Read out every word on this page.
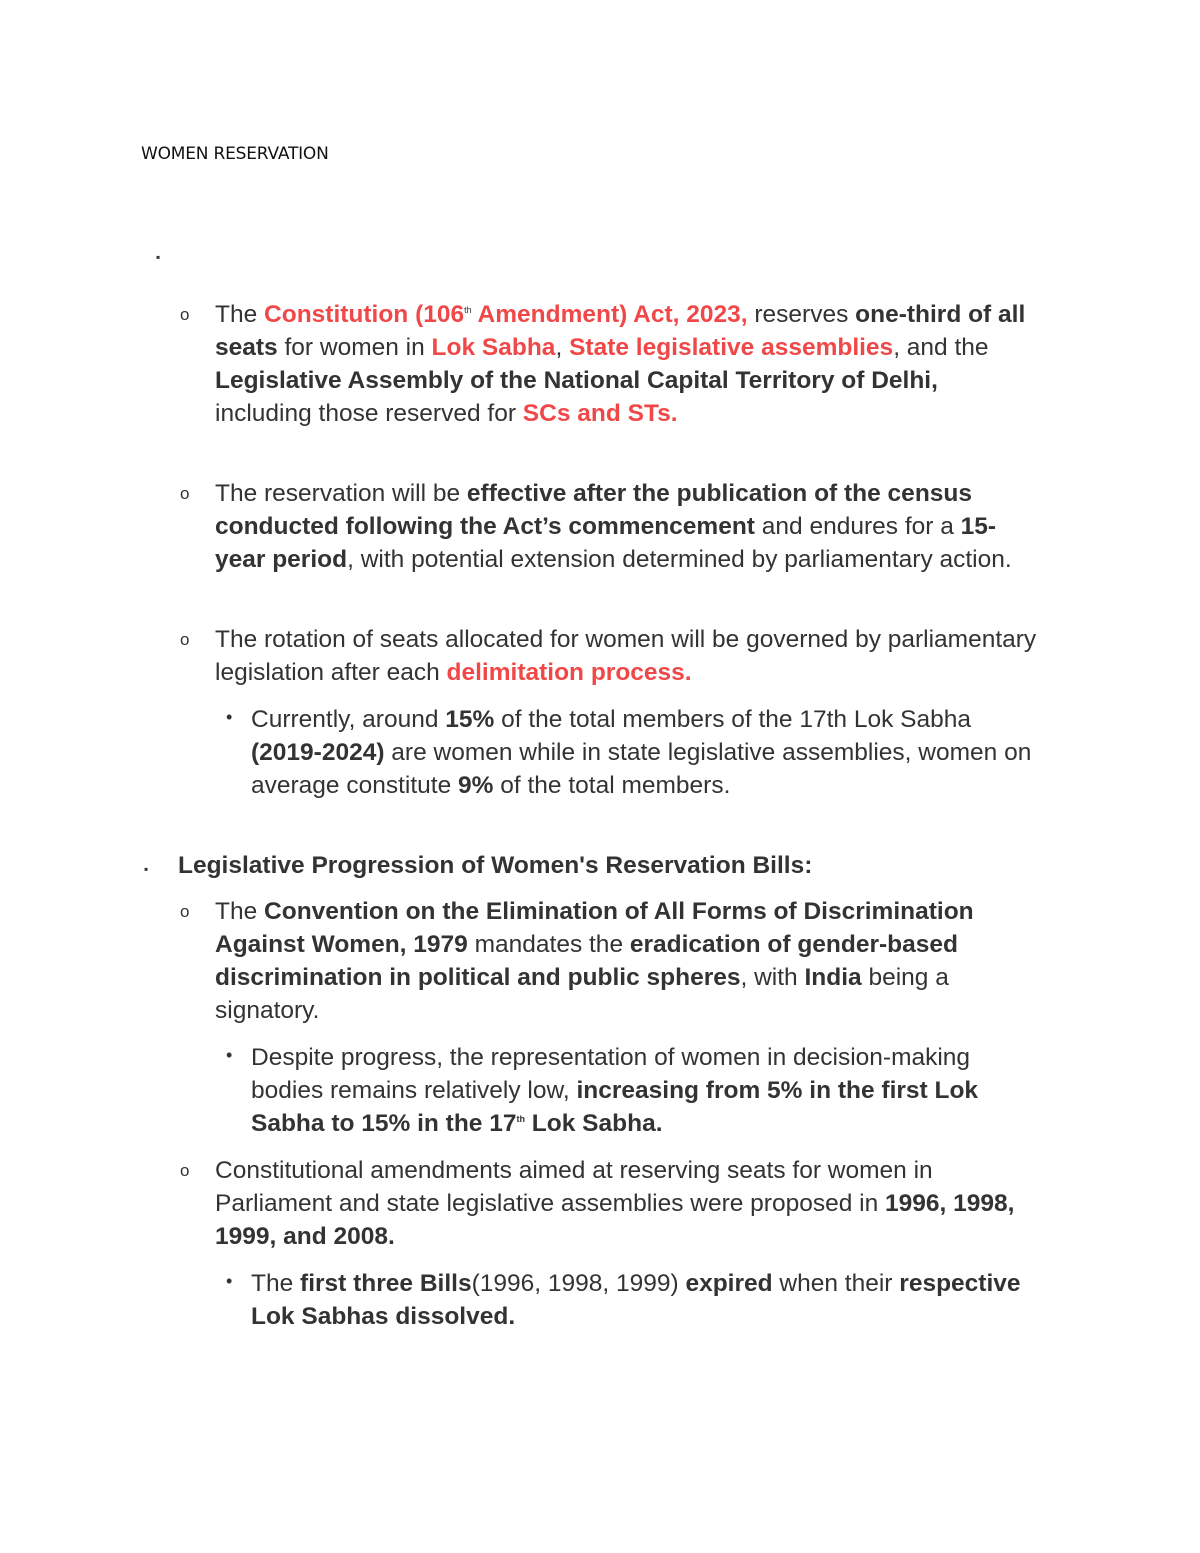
WOMEN RESERVATION
▪
o The Constitution (106th Amendment) Act, 2023, reserves one-third of all seats for women in Lok Sabha, State legislative assemblies, and the Legislative Assembly of the National Capital Territory of Delhi, including those reserved for SCs and STs.
o The reservation will be effective after the publication of the census conducted following the Act’s commencement and endures for a 15-year period, with potential extension determined by parliamentary action.
o The rotation of seats allocated for women will be governed by parliamentary legislation after each delimitation process.
• Currently, around 15% of the total members of the 17th Lok Sabha (2019-2024) are women while in state legislative assemblies, women on average constitute 9% of the total members.
▪ Legislative Progression of Women's Reservation Bills:
o The Convention on the Elimination of All Forms of Discrimination Against Women, 1979 mandates the eradication of gender-based discrimination in political and public spheres, with India being a signatory.
• Despite progress, the representation of women in decision-making bodies remains relatively low, increasing from 5% in the first Lok Sabha to 15% in the 17th Lok Sabha.
o Constitutional amendments aimed at reserving seats for women in Parliament and state legislative assemblies were proposed in 1996, 1998, 1999, and 2008.
• The first three Bills(1996, 1998, 1999) expired when their respective Lok Sabhas dissolved.
